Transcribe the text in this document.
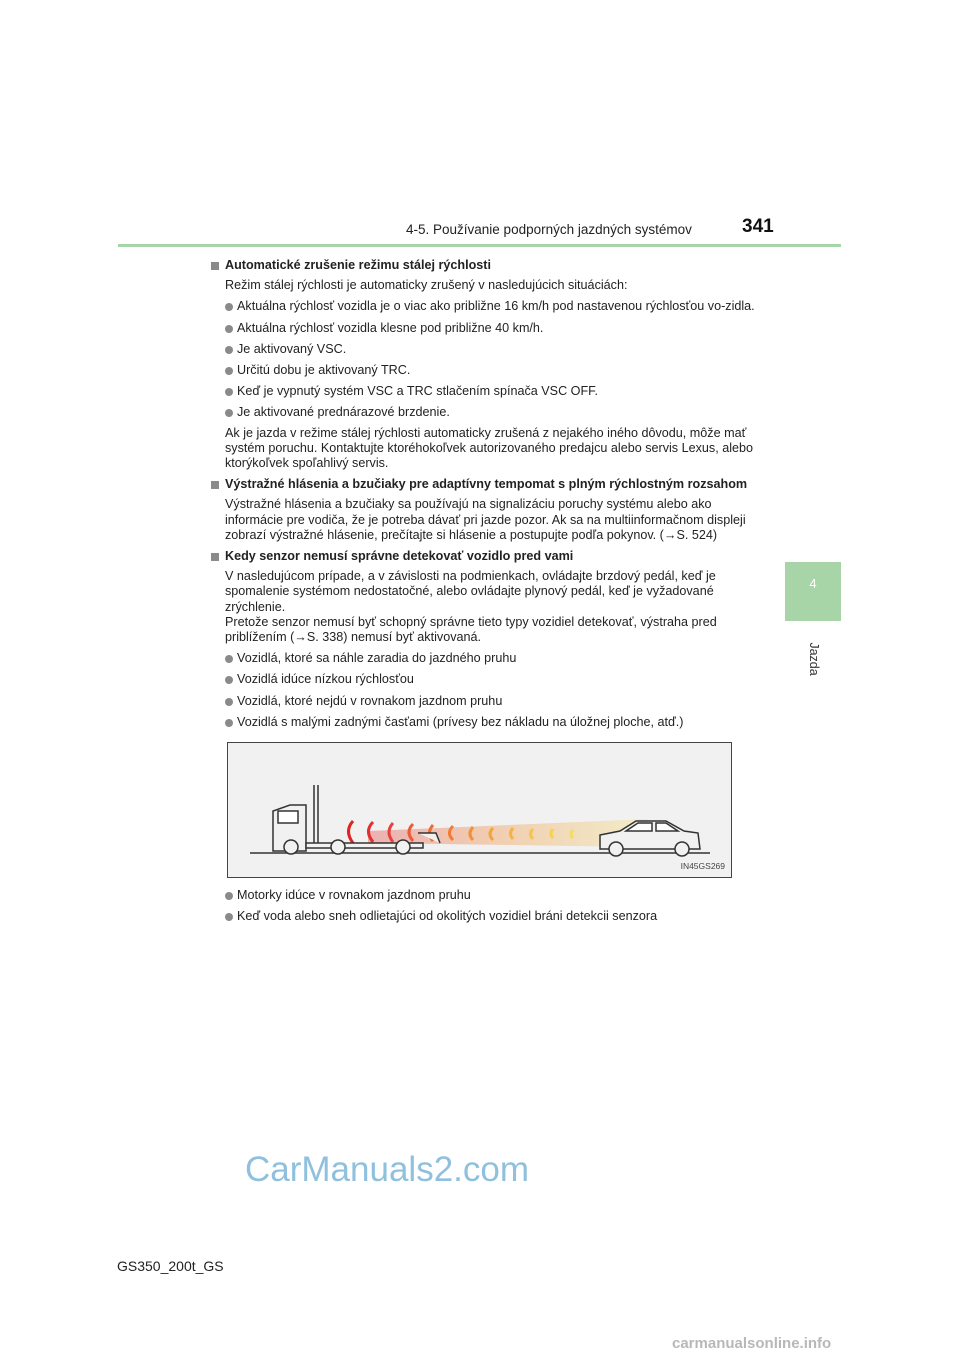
4-5. Používanie podporných jazdných systémov	341
4
Jazda
Automatické zrušenie režimu stálej rýchlosti
Režim stálej rýchlosti je automaticky zrušený v nasledujúcich situáciách:
Aktuálna rýchlosť vozidla je o viac ako približne 16 km/h pod nastavenou rýchlosťou vo-zidla.
Aktuálna rýchlosť vozidla klesne pod približne 40 km/h.
Je aktivovaný VSC.
Určitú dobu je aktivovaný TRC.
Keď je vypnutý systém VSC a TRC stlačením spínača VSC OFF.
Je aktivované prednárazové brzdenie.
Ak je jazda v režime stálej rýchlosti automaticky zrušená z nejakého iného dôvodu, môže mať systém poruchu. Kontaktujte ktoréhokoľvek autorizovaného predajcu alebo servis Lexus, alebo ktorýkoľvek spoľahlivý servis.
Výstražné hlásenia a bzučiaky pre adaptívny tempomat s plným rýchlostným rozsahom
Výstražné hlásenia a bzučiaky sa používajú na signalizáciu poruchy systému alebo ako informácie pre vodiča, že je potreba dávať pri jazde pozor. Ak sa na multiinformačnom displeji zobrazí výstražné hlásenie, prečítajte si hlásenie a postupujte podľa pokynov. (→S. 524)
Kedy senzor nemusí správne detekovať vozidlo pred vami
V nasledujúcom prípade, a v závislosti na podmienkach, ovládajte brzdový pedál, keď je spomalenie systémom nedostatočné, alebo ovládajte plynový pedál, keď je vyžadované zrýchlenie.
Pretože senzor nemusí byť schopný správne tieto typy vozidiel detekovať, výstraha pred priblížením (→S. 338) nemusí byť aktivovaná.
Vozidlá, ktoré sa náhle zaradia do jazdného pruhu
Vozidlá idúce nízkou rýchlosťou
Vozidlá, ktoré nejdú v rovnakom jazdnom pruhu
Vozidlá s malými zadnými časťami (prívesy bez nákladu na úložnej ploche, atď.)
IN45GS269
Motorky idúce v rovnakom jazdnom pruhu
Keď voda alebo sneh odlietajúci od okolitých vozidiel bráni detekcii senzora
CarManuals2.com
GS350_200t_GS
carmanualsonline.info
